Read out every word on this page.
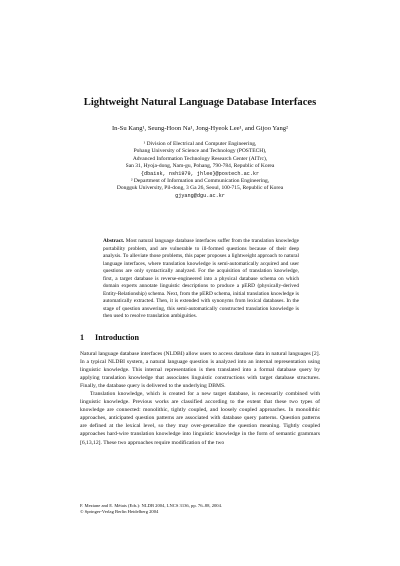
Lightweight Natural Language Database Interfaces
In-Su Kang¹, Seung-Hoon Na¹, Jong-Hyeok Lee¹, and Gijoo Yang²
¹ Division of Electrical and Computer Engineering,
Pohang University of Science and Technology (POSTECH),
Advanced Information Technology Research Center (AITrc),
San 31, Hyoja-dong, Nam-gu, Pohang, 790-784, Republic of Korea
{dbaisk, nsh1979, jhlee}@postech.ac.kr
² Department of Information and Communication Engineering,
Dongguk University, Pil-dong, 3 Ga 26, Seoul, 100-715, Republic of Korea
gjyang@dgu.ac.kr
Abstract. Most natural language database interfaces suffer from the translation knowledge portability problem, and are vulnerable to ill-formed questions because of their deep analysis. To alleviate those problems, this paper proposes a lightweight approach to natural language interfaces, where translation knowledge is semi-automatically acquired and user questions are only syntactically analyzed. For the acquisition of translation knowledge, first, a target database is reverse-engineered into a physical database schema on which domain experts annotate linguistic descriptions to produce a pERD (physically-derived Entity-Relationship) schema. Next, from the pERD schema, initial translation knowledge is automatically extracted. Then, it is extended with synonyms from lexical databases. In the stage of question answering, this semi-automatically constructed translation knowledge is then used to resolve translation ambiguities.
1 Introduction

Natural language database interfaces (NLDBI) allow users to access database data in natural languages [2]. In a typical NLDBI system, a natural language question is analyzed into an internal representation using linguistic knowledge. This internal representation is then translated into a formal database query by applying translation knowledge that associates linguistic constructions with target database structures. Finally, the database query is delivered to the underlying DBMS.

Translation knowledge, which is created for a new target database, is necessarily combined with linguistic knowledge. Previous works are classified according to the extent that these two types of knowledge are connected: monolithic, tightly coupled, and loosely coupled approaches. In monolithic approaches, anticipated question patterns are associated with database query patterns. Question patterns are defined at the lexical level, so they may over-generalize the question meaning. Tightly coupled approaches hard-wire translation knowledge into linguistic knowledge in the form of semantic grammars [6,13,12]. These two approaches require modification of the two

F. Meziane and E. Métais (Eds.): NLDB 2004, LNCS 3136, pp. 76–88, 2004.
© Springer-Verlag Berlin Heidelberg 2004
